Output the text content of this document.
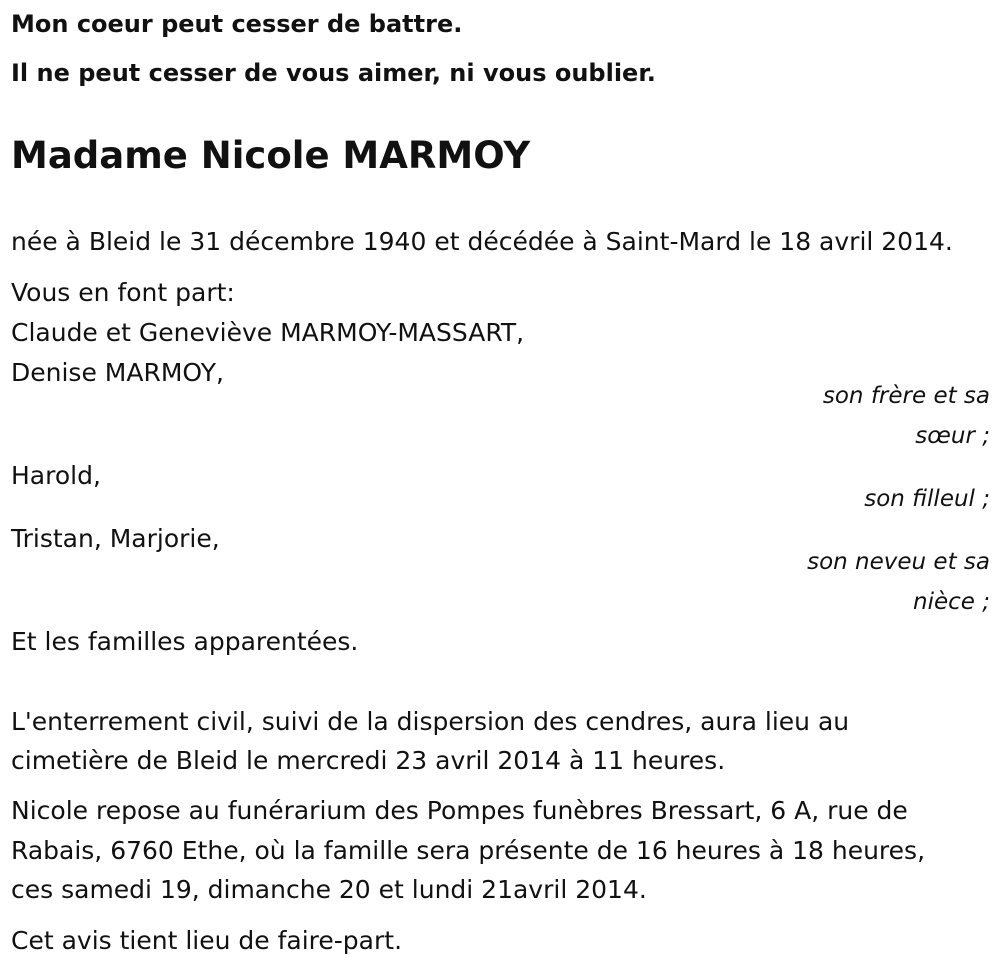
Mon coeur peut cesser de battre.
Il ne peut cesser de vous aimer, ni vous oublier.
Madame Nicole MARMOY
née à Bleid le 31 décembre 1940 et décédée à Saint-Mard le 18 avril 2014.
Vous en font part:
Claude et Geneviève MARMOY-MASSART,
Denise MARMOY,
son frère et sa
sœur ;
Harold,
son filleul ;
Tristan, Marjorie,
son neveu et sa
nièce ;
Et les familles apparentées.
L'enterrement civil, suivi de la dispersion des cendres, aura lieu au
cimetière de Bleid le mercredi 23 avril 2014 à 11 heures.
Nicole repose au funérarium des Pompes funèbres Bressart, 6 A, rue de
Rabais, 6760 Ethe, où la famille sera présente de 16 heures à 18 heures,
ces samedi 19, dimanche 20 et lundi 21avril 2014.
Cet avis tient lieu de faire-part.
